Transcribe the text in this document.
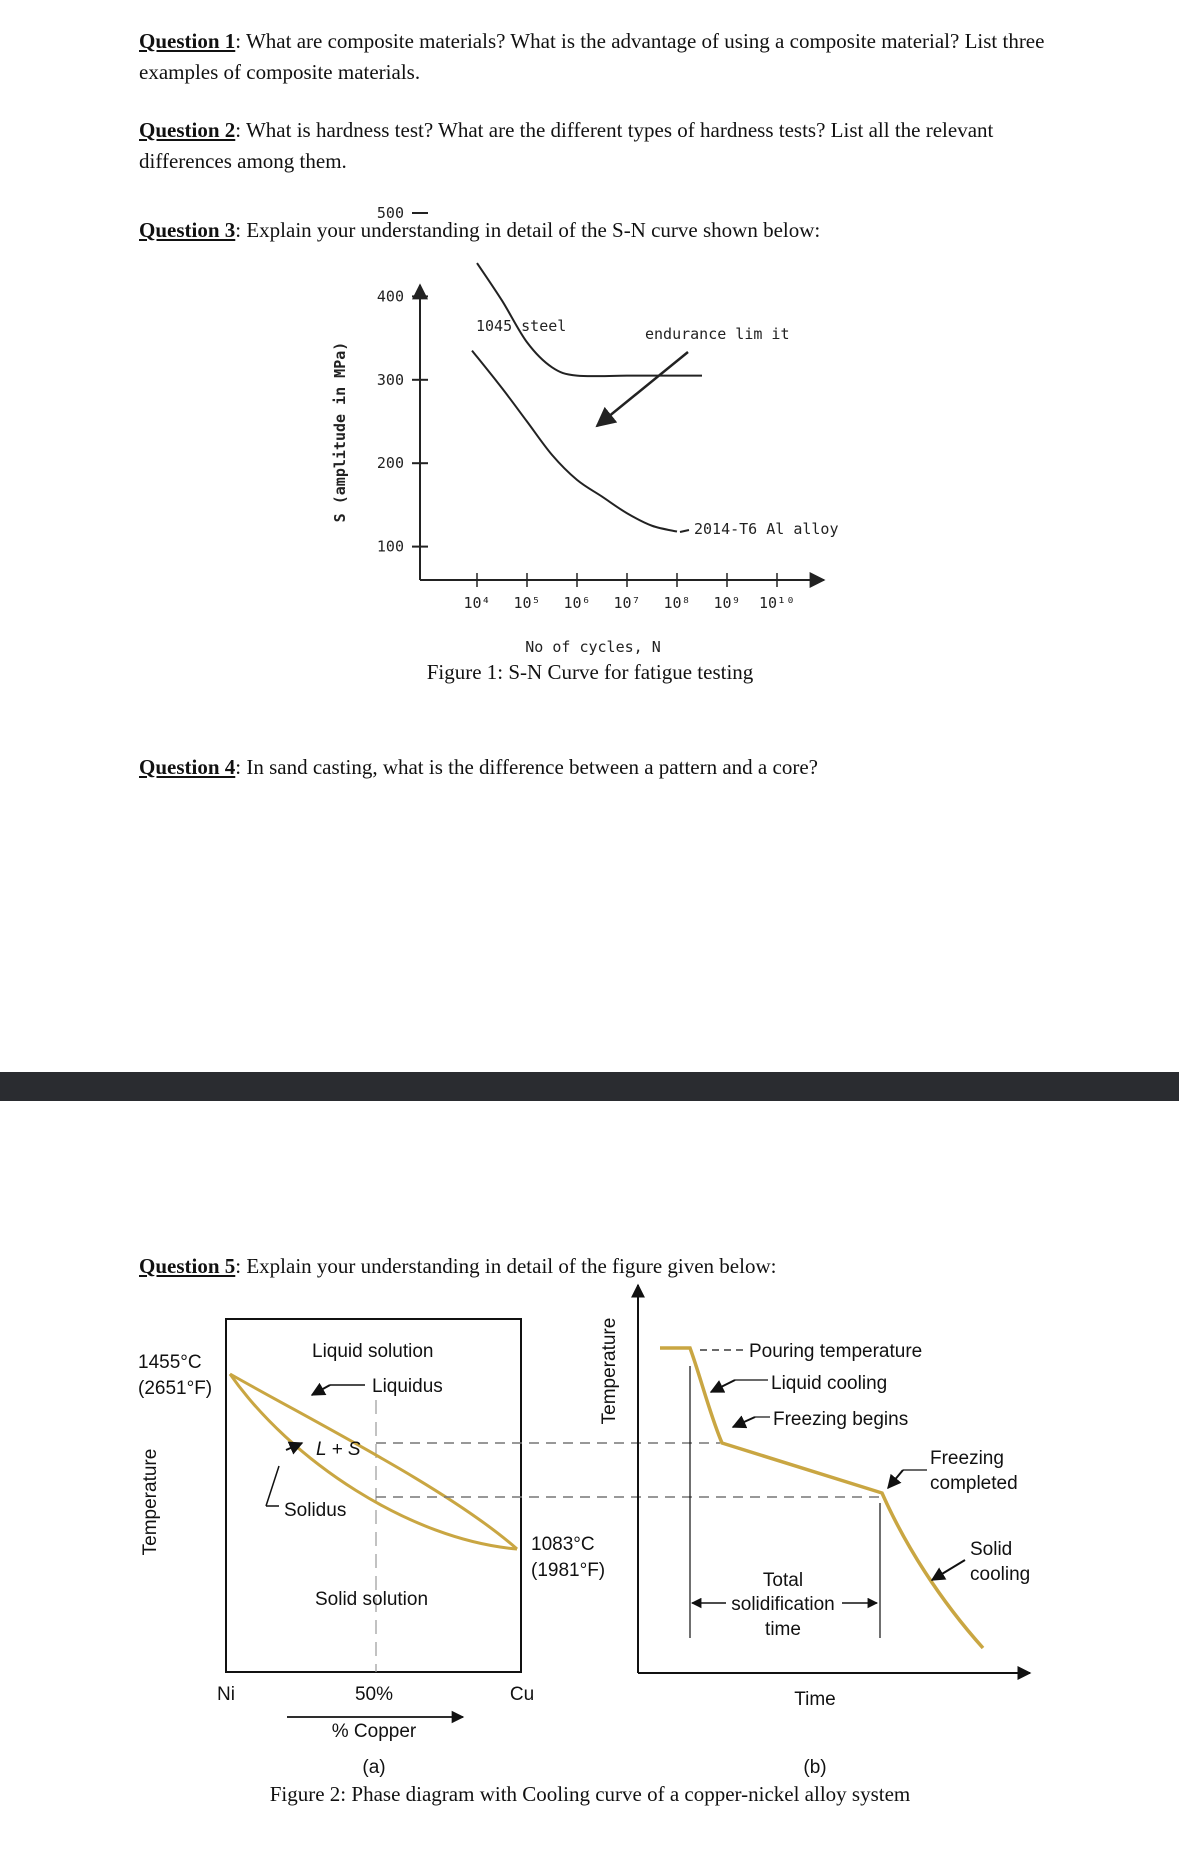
Question 1: What are composite materials? What is the advantage of using a composite material? List three examples of composite materials.

Question 2: What is hardness test? What are the different types of hardness tests? List all the relevant differences among them.

Question 3: Explain your understanding in detail of the S-N curve shown below:

Figure 1: S-N Curve for fatigue testing

Question 4: In sand casting, what is the difference between a pattern and a core?

Question 5: Explain your understanding in detail of the figure given below:

Figure 2: Phase diagram with Cooling curve of a copper-nickel alloy system

500
400
300
200
100
10⁴ 10⁵ 10⁶ 10⁷ 10⁸ 10⁹ 10¹⁰
S (amplitude in MPa)
No of cycles, N
1045 steel
2014-T6 Al alloy
endurance lim it
Liquid solution
Liquidus
L + S
Solidus
Solid solution
1455°C
(2651°F)
1083°C
(1981°F)
Temperature
Ni	50%	Cu
% Copper
(a)
Temperature	Pouring temperature
Liquid cooling
Freezing begins
Freezing
completed
Solid
cooling
Total
solidification
time
Time
(b)
